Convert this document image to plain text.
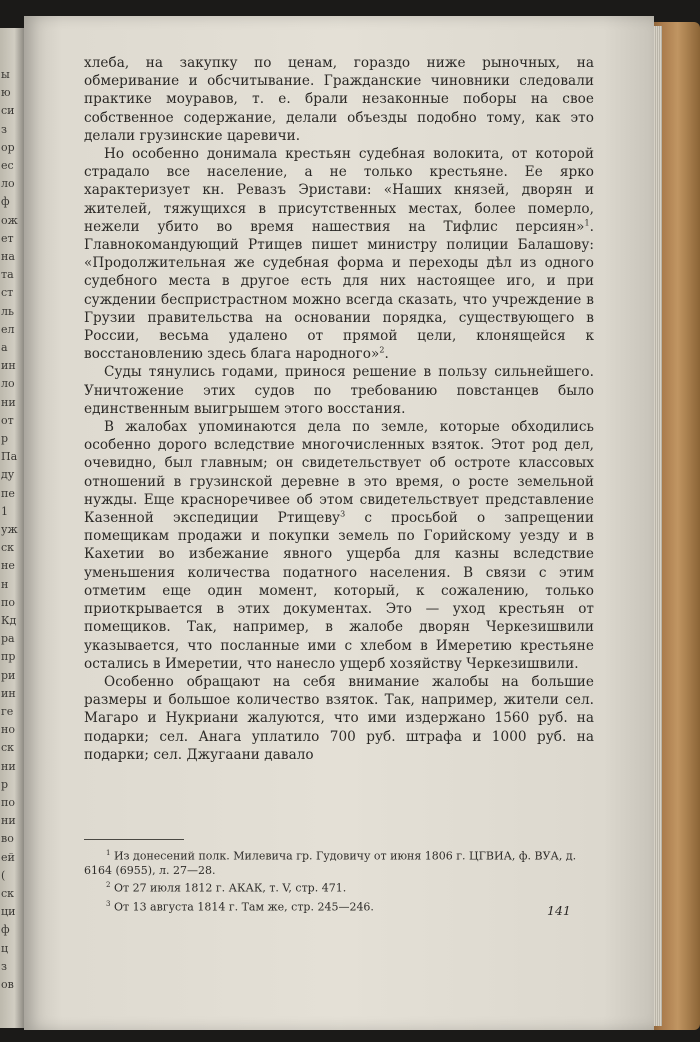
ы
ю
си
з
ор
ес
ло
ф
ож
ет
на
та
ст
ль
ел
а
ин
ло
ни
от
р
Па
ду
пе
1
уж
ск
не
н
по
Кд
ра
пр
ри
ин
ге
но
ск
ни
р
по
ни
во
ей
(
ск
ци
ф
ц
з
ов

хлеба, на закупку по ценам, гораздо ниже рыночных, на обмеривание и обсчитывание. Гражданские чиновники следовали практике моуравов, т. е. брали незаконные поборы на свое собственное содержание, делали объезды подобно тому, как это делали грузинские царевичи.

Но особенно донимала крестьян судебная волокита, от которой страдало все население, а не только крестьяне. Ее ярко характеризует кн. Ревазъ Эристави: «Наших князей, дворян и жителей, тяжущихся в присутственных местах, более померло, нежели убито во время нашествия на Тифлис персиян»$^1$. Главнокомандующий Ртищев пишет министру полиции Балашову: «Продолжительная же судебная форма и переходы дѣл из одного судебного места в другое есть для них настоящее иго, и при суждении беспристрастном можно всегда сказать, что учреждение в Грузии правительства на основании порядка, существующего в России, весьма удалено от прямой цели, клонящейся к восстановлению здесь блага народного»$^2$.

Суды тянулись годами, принося решение в пользу сильнейшего. Уничтожение этих судов по требованию повстанцев было единственным выигрышем этого восстания.

В жалобах упоминаются дела по земле, которые обходились особенно дорого вследствие многочисленных взяток. Этот род дел, очевидно, был главным; он свидетельствует об остроте классовых отношений в грузинской деревне в это время, о росте земельной нужды. Еще красноречивее об этом свидетельствует представление Казенной экспедиции Ртищеву$^3$ с просьбой о запрещении помещикам продажи и покупки земель по Горийскому уезду и в Кахетии во избежание явного ущерба для казны вследствие уменьшения количества податного населения. В связи с этим отметим еще один момент, который, к сожалению, только приоткрывается в этих документах. Это — уход крестьян от помещиков. Так, например, в жалобе дворян Черкезишвили указывается, что посланные ими с хлебом в Имеретию крестьяне остались в Имеретии, что нанесло ущерб хозяйству Черкезишвили.

Особенно обращают на себя внимание жалобы на большие размеры и большое количество взяток. Так, например, жители сел. Магаро и Нукриани жалуются, что ими издержано 1560 руб. на подарки; сел. Анага уплатило 700 руб. штрафа и 1000 руб. на подарки; сел. Джугаани давало

$^1$ Из донесений полк. Милевича гр. Гудовичу от июня 1806 г. ЦГВИА, ф. ВУА, д. 6164 (6955), л. 27—28.
$^2$ От 27 июля 1812 г. АКАК, т. V, стр. 471.
$^3$ От 13 августа 1814 г. Там же, стр. 245—246.	141
